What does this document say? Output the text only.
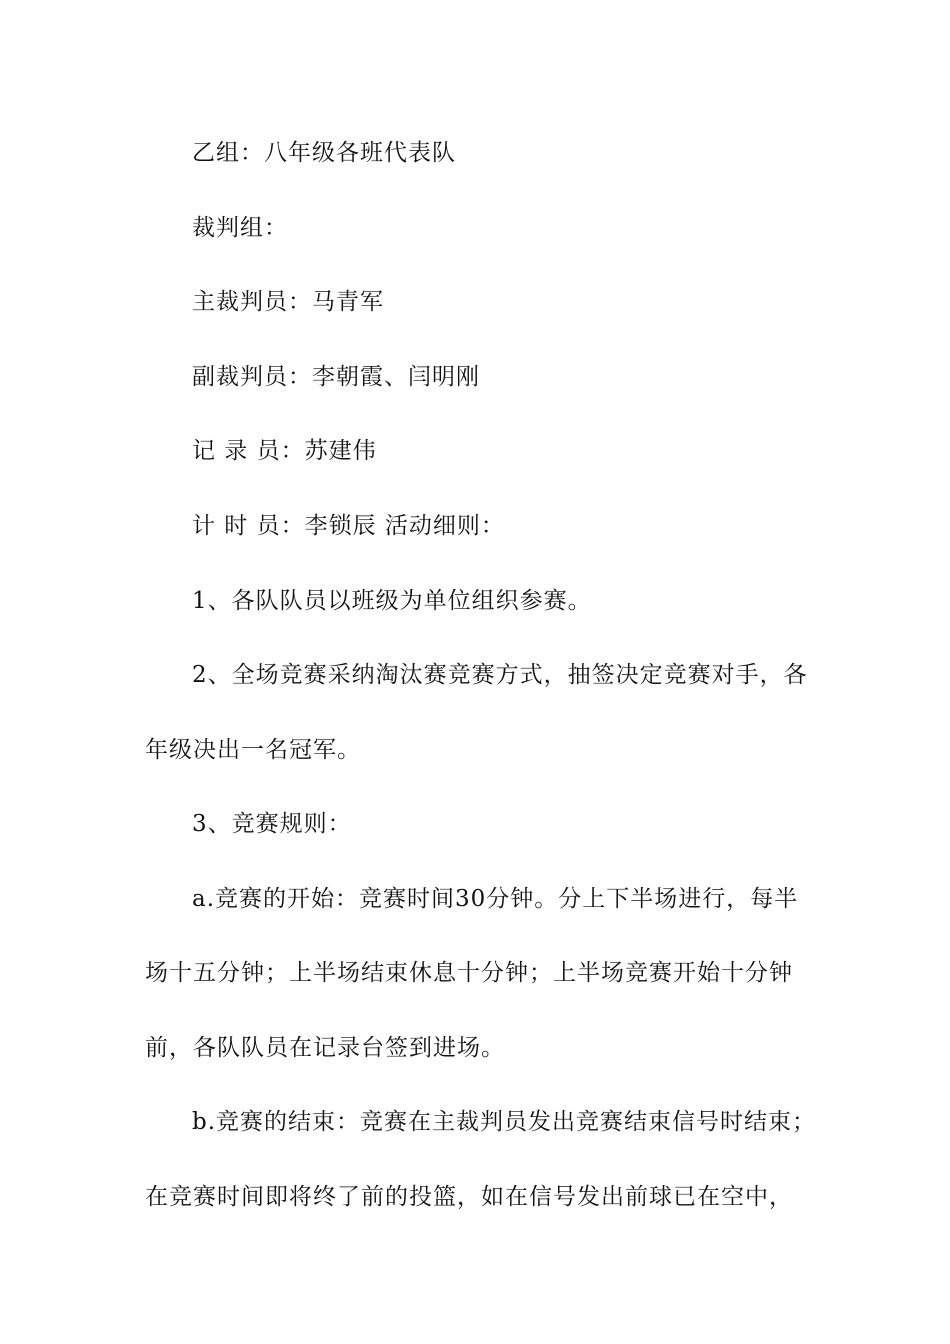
乙组：八年级各班代表队
裁判组：
主裁判员：马青军
副裁判员：李朝霞、闫明刚
记 录 员：苏建伟
计 时 员：李锁辰 活动细则：
1、各队队员以班级为单位组织参赛。
2、全场竞赛采纳淘汰赛竞赛方式，抽签决定竞赛对手，各
年级决出一名冠军。
3、竞赛规则：
a.竞赛的开始：竞赛时间30分钟。分上下半场进行，每半
场十五分钟；上半场结束休息十分钟；上半场竞赛开始十分钟
前，各队队员在记录台签到进场。
b.竞赛的结束：竞赛在主裁判员发出竞赛结束信号时结束；
在竞赛时间即将终了前的投篮，如在信号发出前球已在空中，
